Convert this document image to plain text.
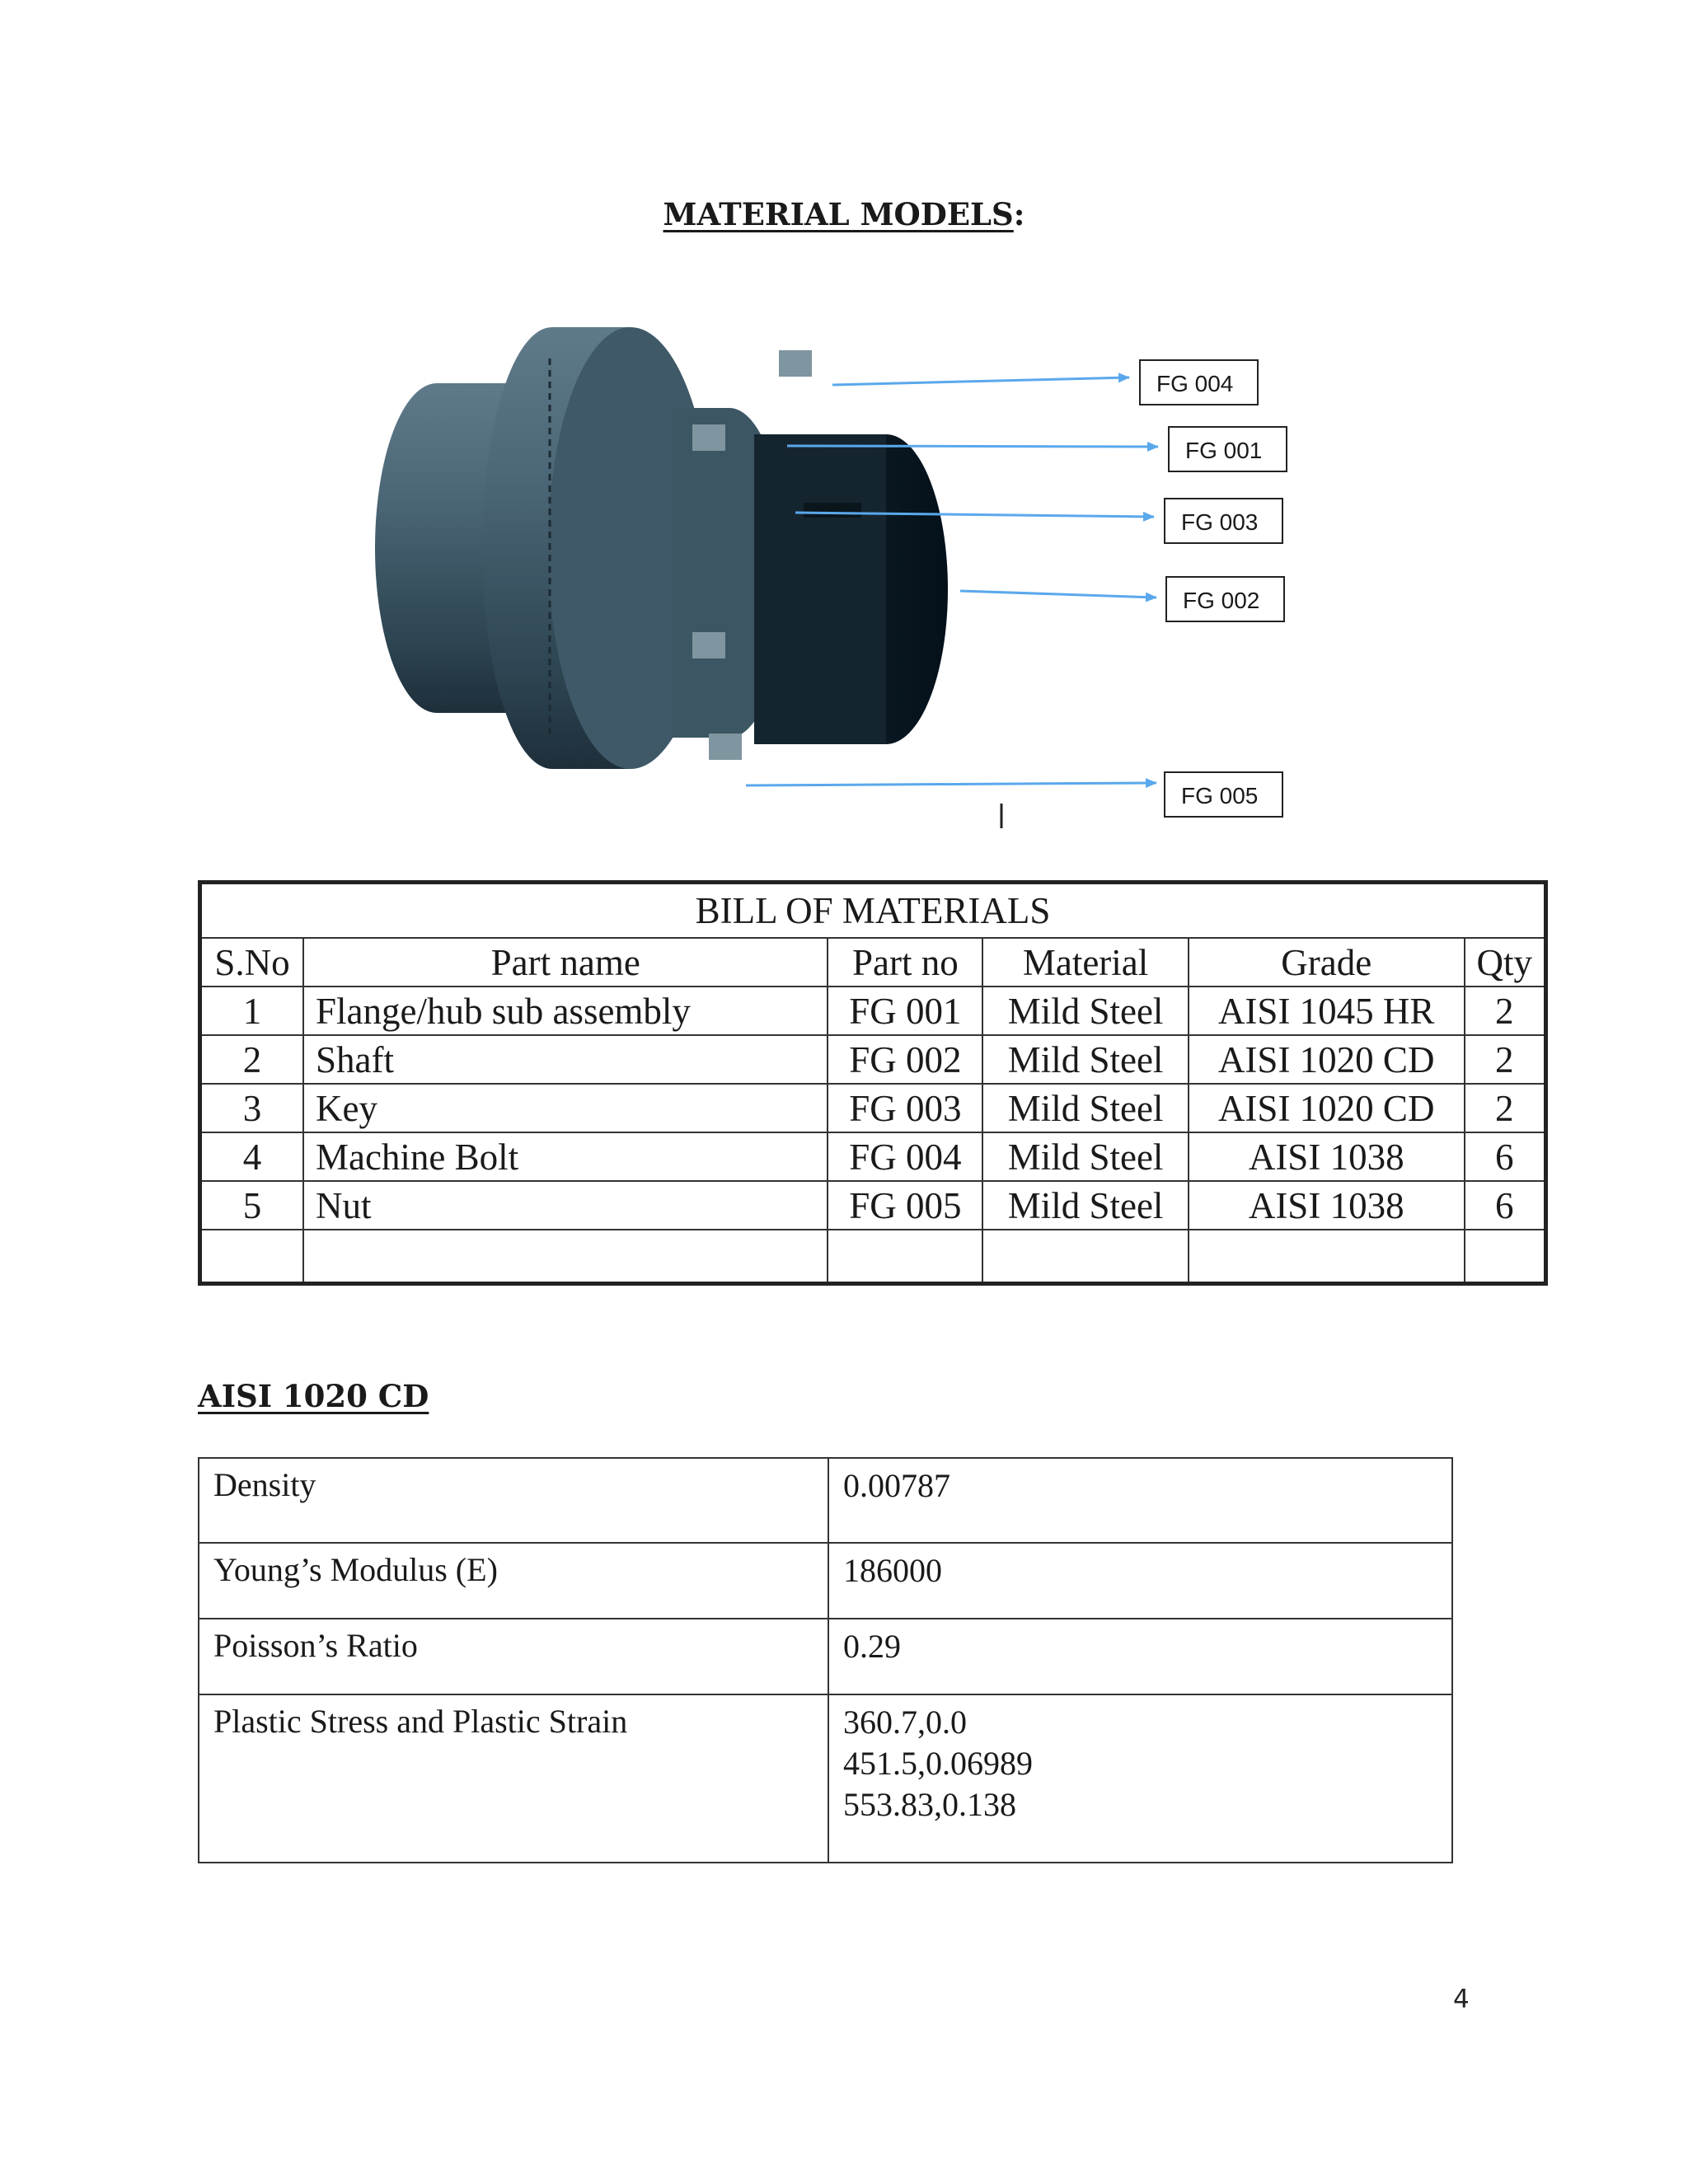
MATERIAL MODELS:
FG 004
FG 001
FG 003
FG 002
FG 005
BILL OF MATERIALS					
S.No	Part name	Part no	Material	Grade	Qty
1	Flange/hub sub assembly	FG 001	Mild Steel	AISI 1045 HR	2
2	Shaft	FG 002	Mild Steel	AISI 1020 CD	2
3	Key	FG 003	Mild Steel	AISI 1020 CD	2
4	Machine Bolt	FG 004	Mild Steel	AISI 1038	6
5	Nut	FG 005	Mild Steel	AISI 1038	6

AISI 1020 CD
Density	0.00787

Young’s Modulus (E)	186000

Poisson’s Ratio	0.29

Plastic Stress and Plastic Strain	360.7,0.0
451.5,0.06989
553.83,0.138
4
